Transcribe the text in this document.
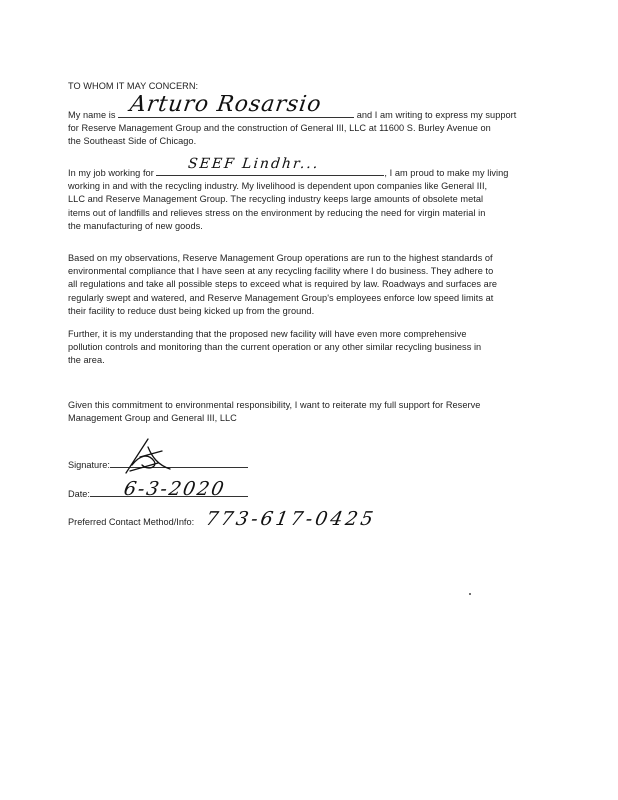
TO WHOM IT MAY CONCERN:
My name is	and I am writing to express my support
for Reserve Management Group and the construction of General III, LLC at 11600 S. Burley Avenue on
the Southeast Side of Chicago.
Arturo Rosarsio
In my job working for	, I am proud to make my living
working in and with the recycling industry. My livelihood is dependent upon companies like General III,
LLC and Reserve Management Group. The recycling industry keeps large amounts of obsolete metal
items out of landfills and relieves stress on the environment by reducing the need for virgin material in
the manufacturing of new goods.
SEEF Lindhr...
Based on my observations, Reserve Management Group operations are run to the highest standards of
environmental compliance that I have seen at any recycling facility where I do business. They adhere to
all regulations and take all possible steps to exceed what is required by law. Roadways and surfaces are
regularly swept and watered, and Reserve Management Group's employees enforce low speed limits at
their facility to reduce dust being kicked up from the ground.
Further, it is my understanding that the proposed new facility will have even more comprehensive
pollution controls and monitoring than the current operation or any other similar recycling business in
the area.
Given this commitment to environmental responsibility, I want to reiterate my full support for Reserve
Management Group and General III, LLC
Signature:
Date:	6-3-2020
Preferred Contact Method/Info: 773-617-0425
